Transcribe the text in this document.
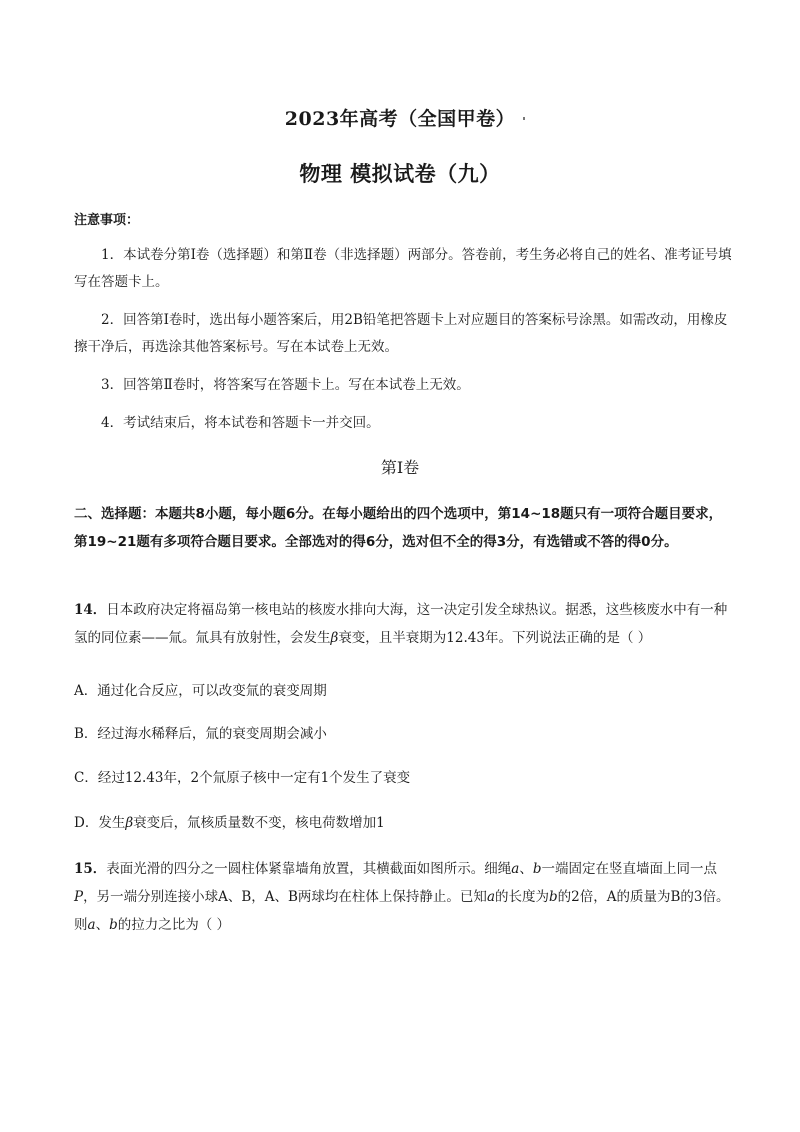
2023年高考（全国甲卷）
物理 模拟试卷（九）
注意事项：
1．本试卷分第Ⅰ卷（选择题）和第Ⅱ卷（非选择题）两部分。答卷前，考生务必将自己的姓名、准考证号填写在答题卡上。
2．回答第Ⅰ卷时，选出每小题答案后，用2B铅笔把答题卡上对应题目的答案标号涂黑。如需改动，用橡皮擦干净后，再选涂其他答案标号。写在本试卷上无效。
3．回答第Ⅱ卷时，将答案写在答题卡上。写在本试卷上无效。
4．考试结束后，将本试卷和答题卡一并交回。
第Ⅰ卷
二、选择题：本题共8小题，每小题6分。在每小题给出的四个选项中，第14~18题只有一项符合题目要求，第19~21题有多项符合题目要求。全部选对的得6分，选对但不全的得3分，有选错或不答的得0分。
14．日本政府决定将福岛第一核电站的核废水排向大海，这一决定引发全球热议。据悉，这些核废水中有一种氢的同位素——氚。氚具有放射性，会发生β衰变，且半衰期为12.43年。下列说法正确的是（ ）
A．通过化合反应，可以改变氚的衰变周期
B．经过海水稀释后，氚的衰变周期会减小
C．经过12.43年，2个氚原子核中一定有1个发生了衰变
D．发生β衰变后，氚核质量数不变，核电荷数增加1
15．表面光滑的四分之一圆柱体紧靠墙角放置，其横截面如图所示。细绳a、b一端固定在竖直墙面上同一点P，另一端分别连接小球A、B，A、B两球均在柱体上保持静止。已知a的长度为b的2倍，A的质量为B的3倍。则a、b的拉力之比为（ ）
